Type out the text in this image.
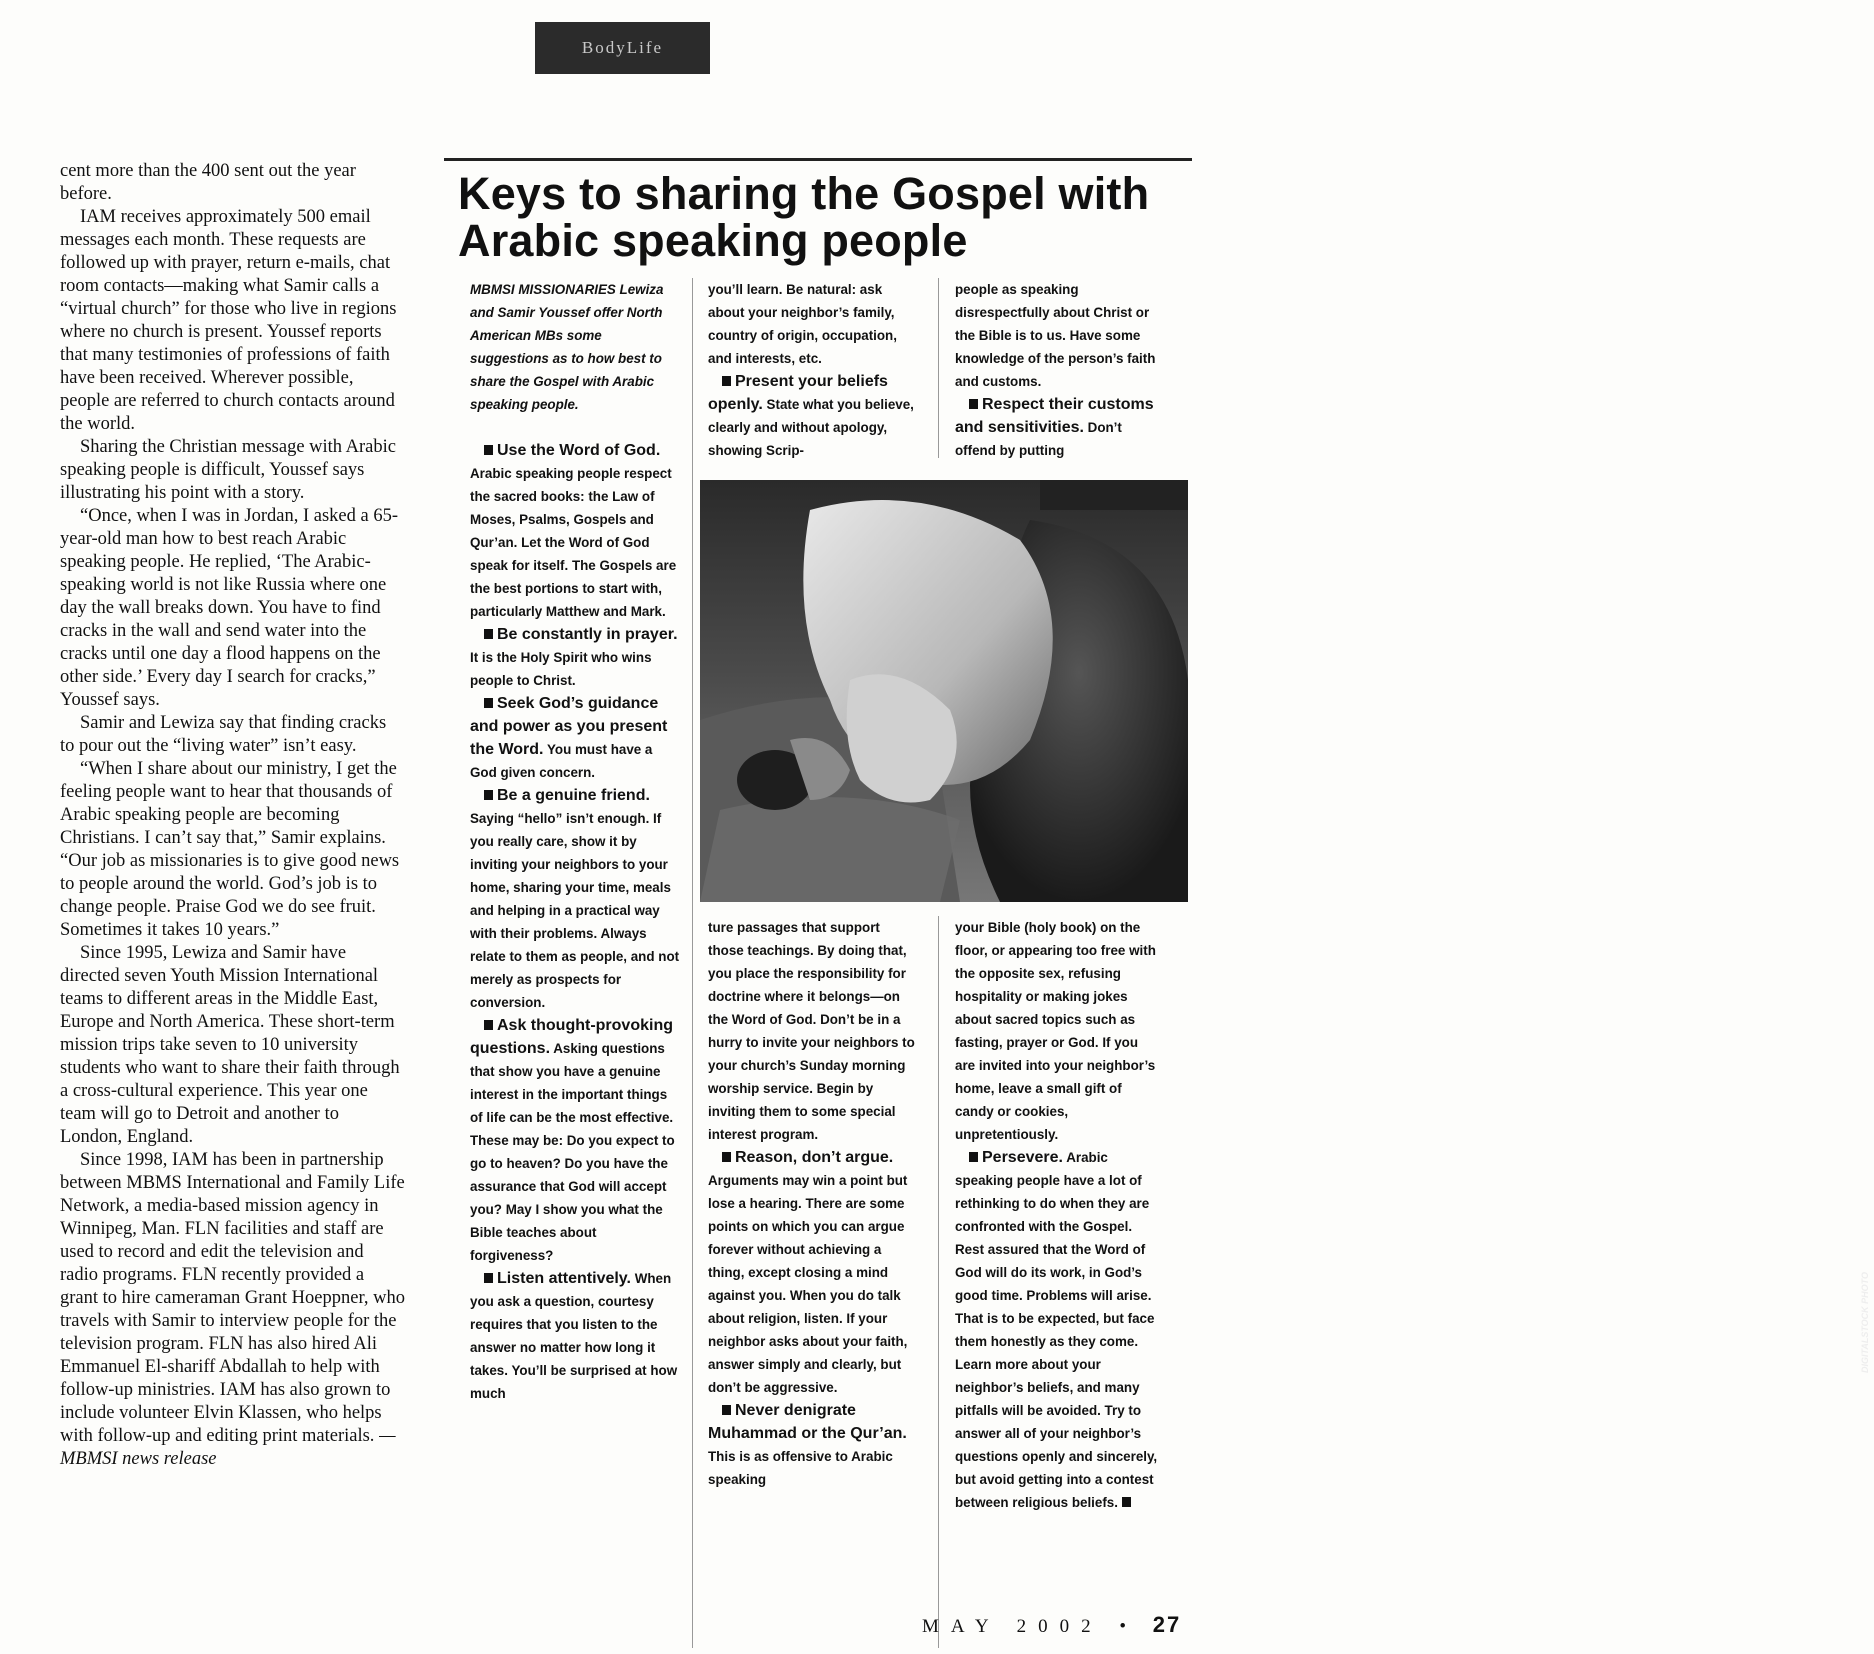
BodyLife

cent more than the 400 sent out the year before.

IAM receives approximately 500 email messages each month. These requests are followed up with prayer, return e-mails, chat room contacts—making what Samir calls a “virtual church” for those who live in regions where no church is present. Youssef reports that many testimonies of professions of faith have been received. Wherever possible, people are referred to church contacts around the world.

Sharing the Christian message with Arabic speaking people is difficult, Youssef says illustrating his point with a story.

“Once, when I was in Jordan, I asked a 65-year-old man how to best reach Arabic speaking people. He replied, ‘The Arabic-speaking world is not like Russia where one day the wall breaks down. You have to find cracks in the wall and send water into the cracks until one day a flood happens on the other side.’ Every day I search for cracks,” Youssef says.

Samir and Lewiza say that finding cracks to pour out the “living water” isn’t easy.

“When I share about our ministry, I get the feeling people want to hear that thousands of Arabic speaking people are becoming Christians. I can’t say that,” Samir explains. “Our job as missionaries is to give good news to people around the world. God’s job is to change people. Praise God we do see fruit. Sometimes it takes 10 years.”

Since 1995, Lewiza and Samir have directed seven Youth Mission International teams to different areas in the Middle East, Europe and North America. These short-term mission trips take seven to 10 university students who want to share their faith through a cross-cultural experience. This year one team will go to Detroit and another to London, England.

Since 1998, IAM has been in partnership between MBMS International and Family Life Network, a media-based mission agency in Winnipeg, Man. FLN facilities and staff are used to record and edit the television and radio programs. FLN recently provided a grant to hire cameraman Grant Hoeppner, who travels with Samir to interview people for the television program. FLN has also hired Ali Emmanuel El-shariff Abdallah to help with follow-up ministries. IAM has also grown to include volunteer Elvin Klassen, who helps with follow-up and editing print materials. —MBMSI news release

Keys to sharing the Gospel with Arabic speaking people

MBMSI MISSIONARIES Lewiza and Samir Youssef offer North American MBs some suggestions as to how best to share the Gospel with Arabic speaking people.

Use the Word of God. Arabic speaking people respect the sacred books: the Law of Moses, Psalms, Gospels and Qur’an. Let the Word of God speak for itself. The Gospels are the best portions to start with, particularly Matthew and Mark.

Be constantly in prayer. It is the Holy Spirit who wins people to Christ.

Seek God’s guidance and power as you present the Word. You must have a God given concern.

Be a genuine friend. Saying “hello” isn’t enough. If you really care, show it by inviting your neighbors to your home, sharing your time, meals and helping in a practical way with their problems. Always relate to them as people, and not merely as prospects for conversion.

Ask thought-provoking questions. Asking questions that show you have a genuine interest in the important things of life can be the most effective. These may be: Do you expect to go to heaven? Do you have the assurance that God will accept you? May I show you what the Bible teaches about forgiveness?

Listen attentively. When you ask a question, courtesy requires that you listen to the answer no matter how long it takes. You’ll be surprised at how much

you’ll learn. Be natural: ask about your neighbor’s family, country of origin, occupation, and interests, etc.

Present your beliefs openly. State what you believe, clearly and without apology, showing Scrip-

people as speaking disrespectfully about Christ or the Bible is to us. Have some knowledge of the person’s faith and customs.

Respect their customs and sensitivities. Don’t offend by putting

DIGITALSTOCK PHOTO

ture passages that support those teachings. By doing that, you place the responsibility for doctrine where it belongs—on the Word of God. Don’t be in a hurry to invite your neighbors to your church’s Sunday morning worship service. Begin by inviting them to some special interest program.

Reason, don’t argue. Arguments may win a point but lose a hearing. There are some points on which you can argue forever without achieving a thing, except closing a mind against you. When you do talk about religion, listen. If your neighbor asks about your faith, answer simply and clearly, but don’t be aggressive.

Never denigrate Muhammad or the Qur’an. This is as offensive to Arabic speaking

your Bible (holy book) on the floor, or appearing too free with the opposite sex, refusing hospitality or making jokes about sacred topics such as fasting, prayer or God. If you are invited into your neighbor’s home, leave a small gift of candy or cookies, unpretentiously.

Persevere. Arabic speaking people have a lot of rethinking to do when they are confronted with the Gospel. Rest assured that the Word of God will do its work, in God’s good time. Problems will arise. That is to be expected, but face them honestly as they come. Learn more about your neighbor’s beliefs, and many pitfalls will be avoided. Try to answer all of your neighbor’s questions openly and sincerely, but avoid getting into a contest between religious beliefs.

MAY 2002 • 27
